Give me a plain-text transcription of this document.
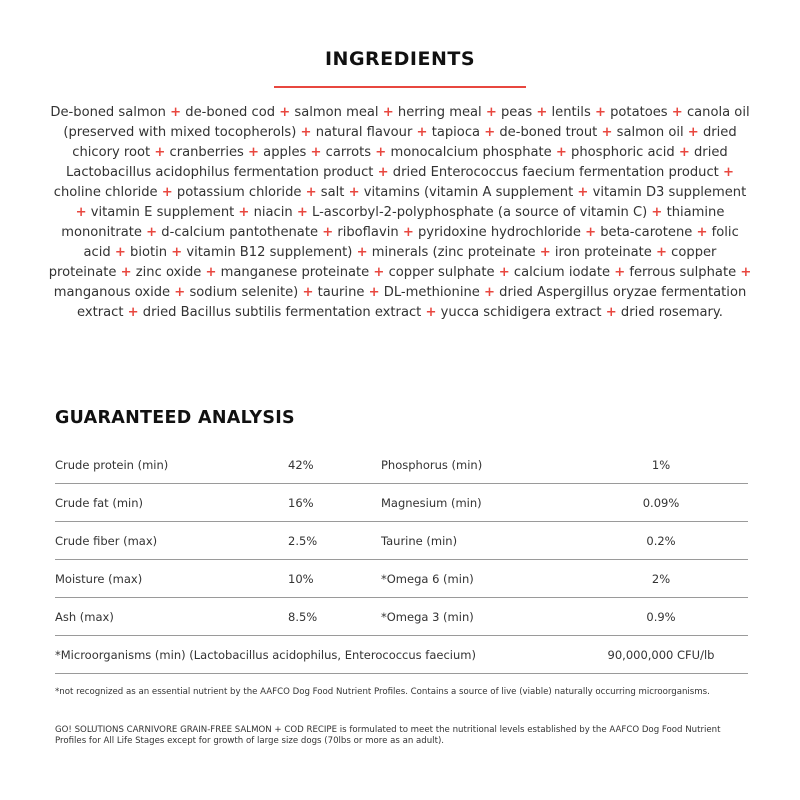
INGREDIENTS

De-boned salmon + de-boned cod + salmon meal + herring meal + peas + lentils + potatoes + canola oil (preserved with mixed tocopherols) + natural flavour + tapioca + de-boned trout + salmon oil + dried chicory root + cranberries + apples + carrots + monocalcium phosphate + phosphoric acid + dried Lactobacillus acidophilus fermentation product + dried Enterococcus faecium fermentation product + choline chloride + potassium chloride + salt + vitamins (vitamin A supplement + vitamin D3 supplement + vitamin E supplement + niacin + L-ascorbyl-2-polyphosphate (a source of vitamin C) + thiamine mononitrate + d-calcium pantothenate + riboflavin + pyridoxine hydrochloride + beta-carotene + folic acid + biotin + vitamin B12 supplement) + minerals (zinc proteinate + iron proteinate + copper proteinate + zinc oxide + manganese proteinate + copper sulphate + calcium iodate + ferrous sulphate + manganous oxide + sodium selenite) + taurine + DL-methionine + dried Aspergillus oryzae fermentation extract + dried Bacillus subtilis fermentation extract + yucca schidigera extract + dried rosemary.

GUARANTEED ANALYSIS
Crude protein (min)	42%	Phosphorus (min)	1%
Crude fat (min)	16%	Magnesium (min)	0.09%
Crude fiber (max)	2.5%	Taurine (min)	0.2%
Moisture (max)	10%	*Omega 6 (min)	2%
Ash (max)	8.5%	*Omega 3 (min)	0.9%
*Microorganisms (min) (Lactobacillus acidophilus, Enterococcus faecium)	90,000,000 CFU/lb

*not recognized as an essential nutrient by the AAFCO Dog Food Nutrient Profiles. Contains a source of live (viable) naturally occurring microorganisms.

GO! SOLUTIONS CARNIVORE GRAIN-FREE SALMON + COD RECIPE is formulated to meet the nutritional levels established by the AAFCO Dog Food Nutrient Profiles for All Life Stages except for growth of large size dogs (70lbs or more as an adult).
